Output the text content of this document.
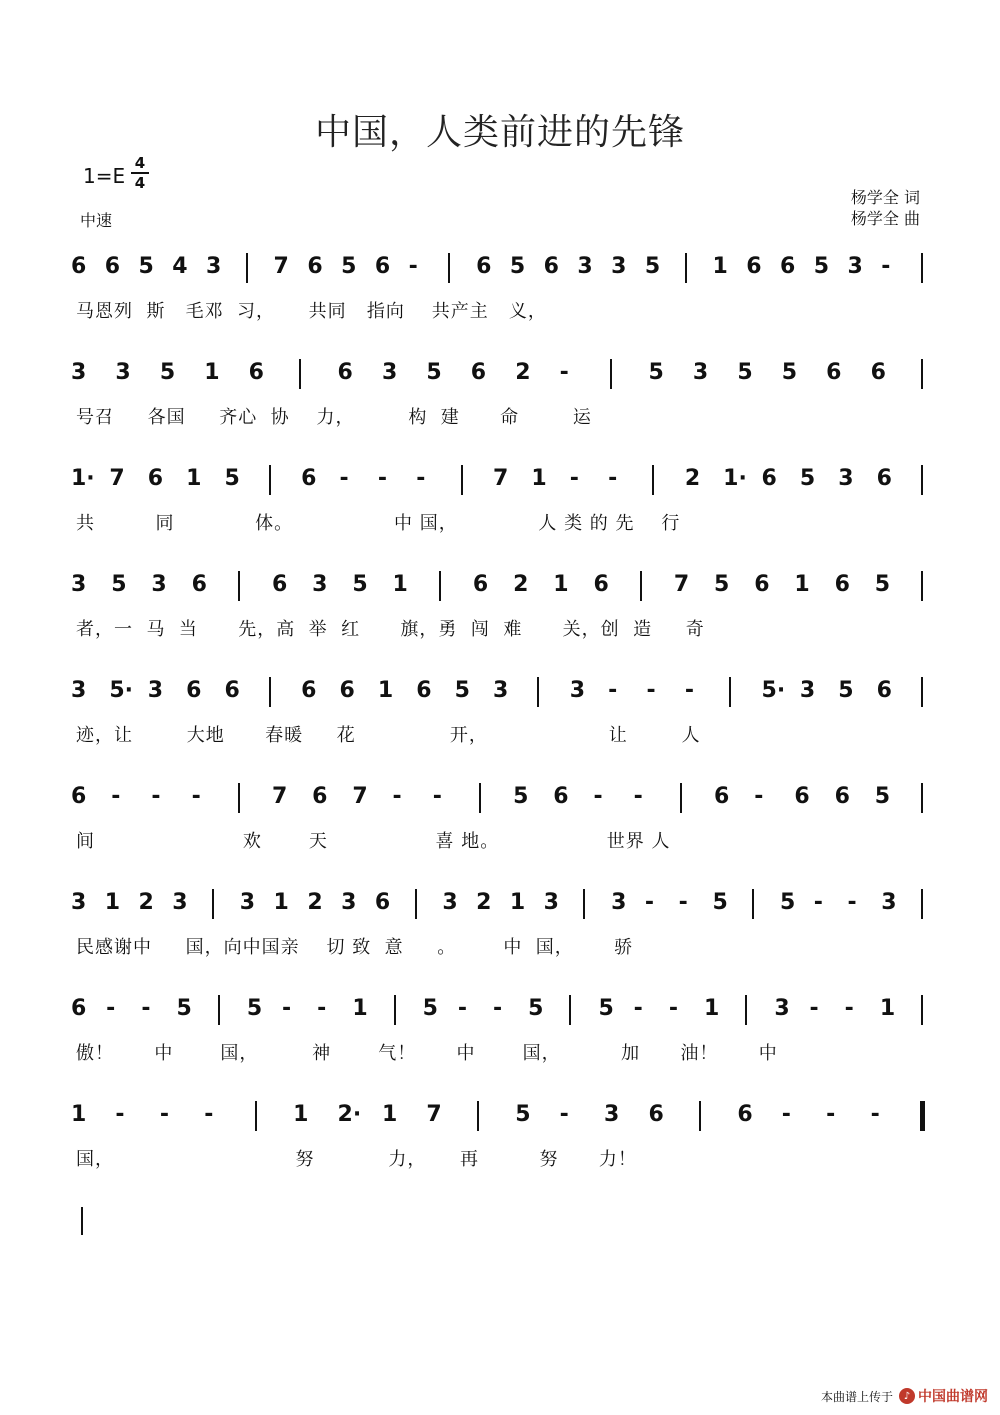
中国，人类前进的先锋
1=E
4
4
中速
杨学全 词
杨学全 曲
6 6 5 4 3 7 6 5 6 -	6 5 6 3 3 5 1 6 6 5 3 -
马恩列  斯   毛邓  习，     共同   指向    共产主   义，
3 3 5 1 6	6 3 5 6 2 -	5 3 5 5 6 6
号召     各国     齐心  协    力，        构  建      命        运
1· 7 6 1 5	6 - - -	7 1 - -	2 1· 6 5 3 6
共         同            体。               中 国，            人 类 的 先    行
3 5 3 6	6 3 5 1	6 2 1 6	7 5 6 1 6 5
者，一  马  当      先，高  举  红      旗，勇  闯  难      关，创  造     奇
3 5· 3 6 6	6 6 1 6 5 3	3 - - -	5· 3 5 6
迹，让        大地      春暖     花              开，                  让        人
6 - - -	7 6 7 - -	5 6 - -	6 - 6 6 5
间                      欢       天                喜 地。                世界 人
3 1 2 3 3 1 2 3 6 3 2 1 3 3 - - 5 5 - - 3
民感谢中     国，向中国亲    切 致  意     。       中  国，      骄
6 - - 5	5 - - 1	5 - - 5	5 - - 1	3 - - 1
傲！      中       国，        神       气！      中       国，         加      油！      中
1 - - -	1 2· 1 7	5 - 3 6	6 - - -
国，                           努           力，     再         努      力！
本曲谱上传于	♪ 中国曲谱网
